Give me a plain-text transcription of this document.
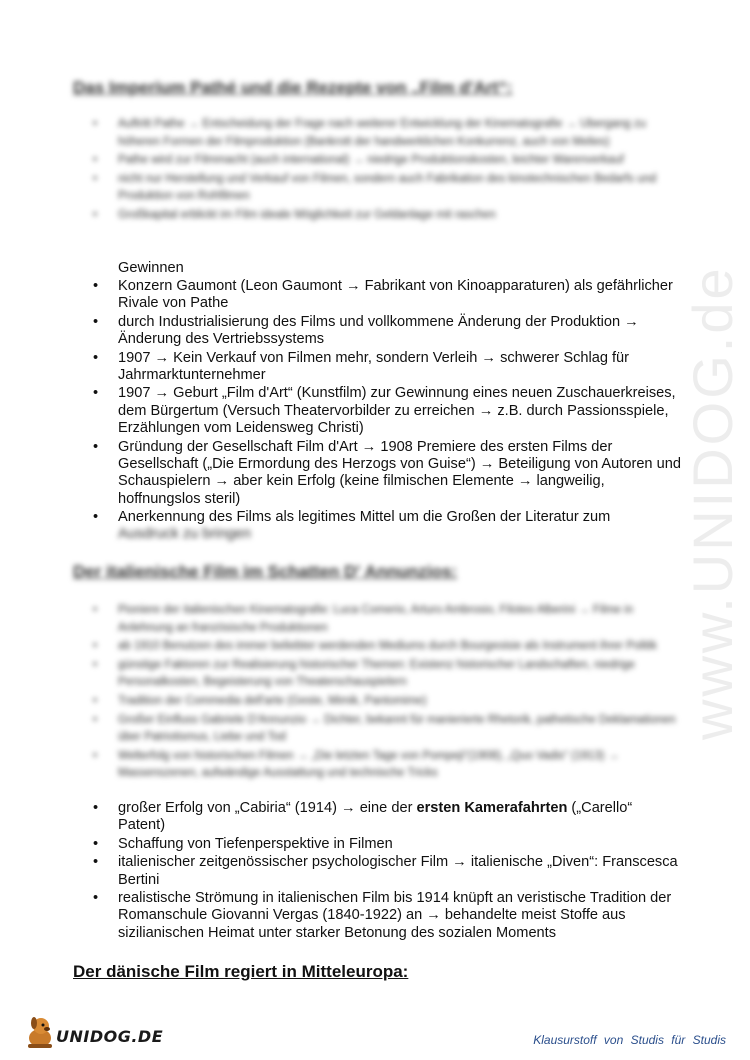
www.UNIDOG.de
Das Imperium Pathé und die Rezepte von „Film d'Art“:
• Auftritt Pathe → Entscheidung der Frage nach weiterer Entwicklung der Kinematografie → Übergang zu höheren Formen der Filmproduktion (Bankrott der handwerklichen Konkurrenz, auch von Melies)
• Pathe wird zur Filmmacht (auch international) → niedrige Produktionskosten, leichter Warenverkauf
• nicht nur Herstellung und Verkauf von Filmen, sondern auch Fabrikation des kinotechnischen Bedarfs und Produktion von Rohfilmen
• Großkapital erblickt im Film ideale Möglichkeit zur Geldanlage mit raschen
Gewinnen
• Konzern Gaumont (Leon Gaumont → Fabrikant von Kinoapparaturen) als gefährlicher Rivale von Pathe
• durch Industrialisierung des Films und vollkommene Änderung der Produktion → Änderung des Vertriebssystems
• 1907 → Kein Verkauf von Filmen mehr, sondern Verleih → schwerer Schlag für Jahrmarktunternehmer
• 1907 → Geburt „Film d'Art“ (Kunstfilm) zur Gewinnung eines neuen Zuschauerkreises, dem Bürgertum (Versuch Theatervorbilder zu erreichen → z.B. durch Passionsspiele, Erzählungen vom Leidensweg Christi)
• Gründung der Gesellschaft Film d'Art → 1908 Premiere des ersten Films der Gesellschaft („Die Ermordung des Herzogs von Guise“) → Beteiligung von Autoren und Schauspielern → aber kein Erfolg (keine filmischen Elemente → langweilig, hoffnungslos steril)
• Anerkennung des Films als legitimes Mittel um die Großen der Literatur zum
Ausdruck zu bringen
Der italienische Film im Schatten D' Annunzios:
• Pioniere der italienischen Kinematografie: Luca Comerio, Arturo Ambrosio, Filoteo Alberini → Filme in Anlehnung an französische Produktionen
• ab 1910 Benutzen des immer beliebter werdenden Mediums durch Bourgeoisie als Instrument ihrer Politik
• günstige Faktoren zur Realisierung historischer Themen: Existenz historischer Landschaften, niedrige Personalkosten, Begeisterung von Theaterschauspielern
• Tradition der Commedia dell'arte (Geste, Mimik, Pantomime)
• Großer Einfluss Gabriele D'Annunzio → Dichter, bekannt für manierierte Rhetorik, pathetische Deklamationen über Patriotismus, Liebe und Tod
• Welterfolg von historischen Filmen → „Die letzten Tage von Pompeji“(1908), „Quo Vadis“ (1913) → Massenszenen, aufwändige Ausstattung und technische Tricks
• großer Erfolg von „Cabiria“ (1914) → eine der ersten Kamerafahrten („Carello“ Patent)
• Schaffung von Tiefenperspektive in Filmen
• italienischer zeitgenössischer psychologischer Film → italienische „Diven“: Franscesca Bertini
• realistische Strömung in italienischen Film bis 1914 knüpft an veristische Tradition der Romanschule Giovanni Vergas (1840-1922) an → behandelte meist Stoffe aus sizilianischen Heimat unter starker Betonung des sozialen Moments
Der dänische Film regiert in Mitteleuropa:
UNIDOG.DE	Klausurstoff von Studis für Studis
